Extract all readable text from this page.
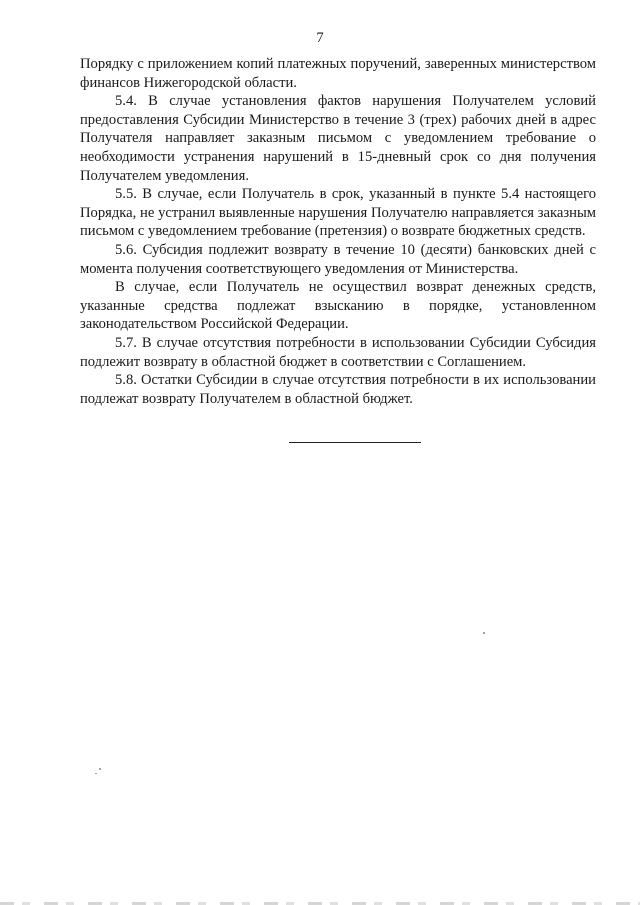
7

Порядку с приложением копий платежных поручений, заверенных министерством финансов Нижегородской области.

5.4. В случае установления фактов нарушения Получателем условий предоставления Субсидии Министерство в течение 3 (трех) рабочих дней в адрес Получателя направляет заказным письмом с уведомлением требование о необходимости устранения нарушений в 15-дневный срок со дня получения Получателем уведомления.

5.5. В случае, если Получатель в срок, указанный в пункте 5.4 настоящего Порядка, не устранил выявленные нарушения Получателю направляется заказным письмом с уведомлением требование (претензия) о возврате бюджетных средств.

5.6. Субсидия подлежит возврату в течение 10 (десяти) банковских дней с момента получения соответствующего уведомления от Министерства.

В случае, если Получатель не осуществил возврат денежных средств, указанные средства подлежат взысканию в порядке, установленном законодательством Российской Федерации.

5.7. В случае отсутствия потребности в использовании Субсидии Субсидия подлежит возврату в областной бюджет в соответствии с Соглашением.

5.8. Остатки Субсидии в случае отсутствия потребности в их использовании подлежат возврату Получателем в областной бюджет.
